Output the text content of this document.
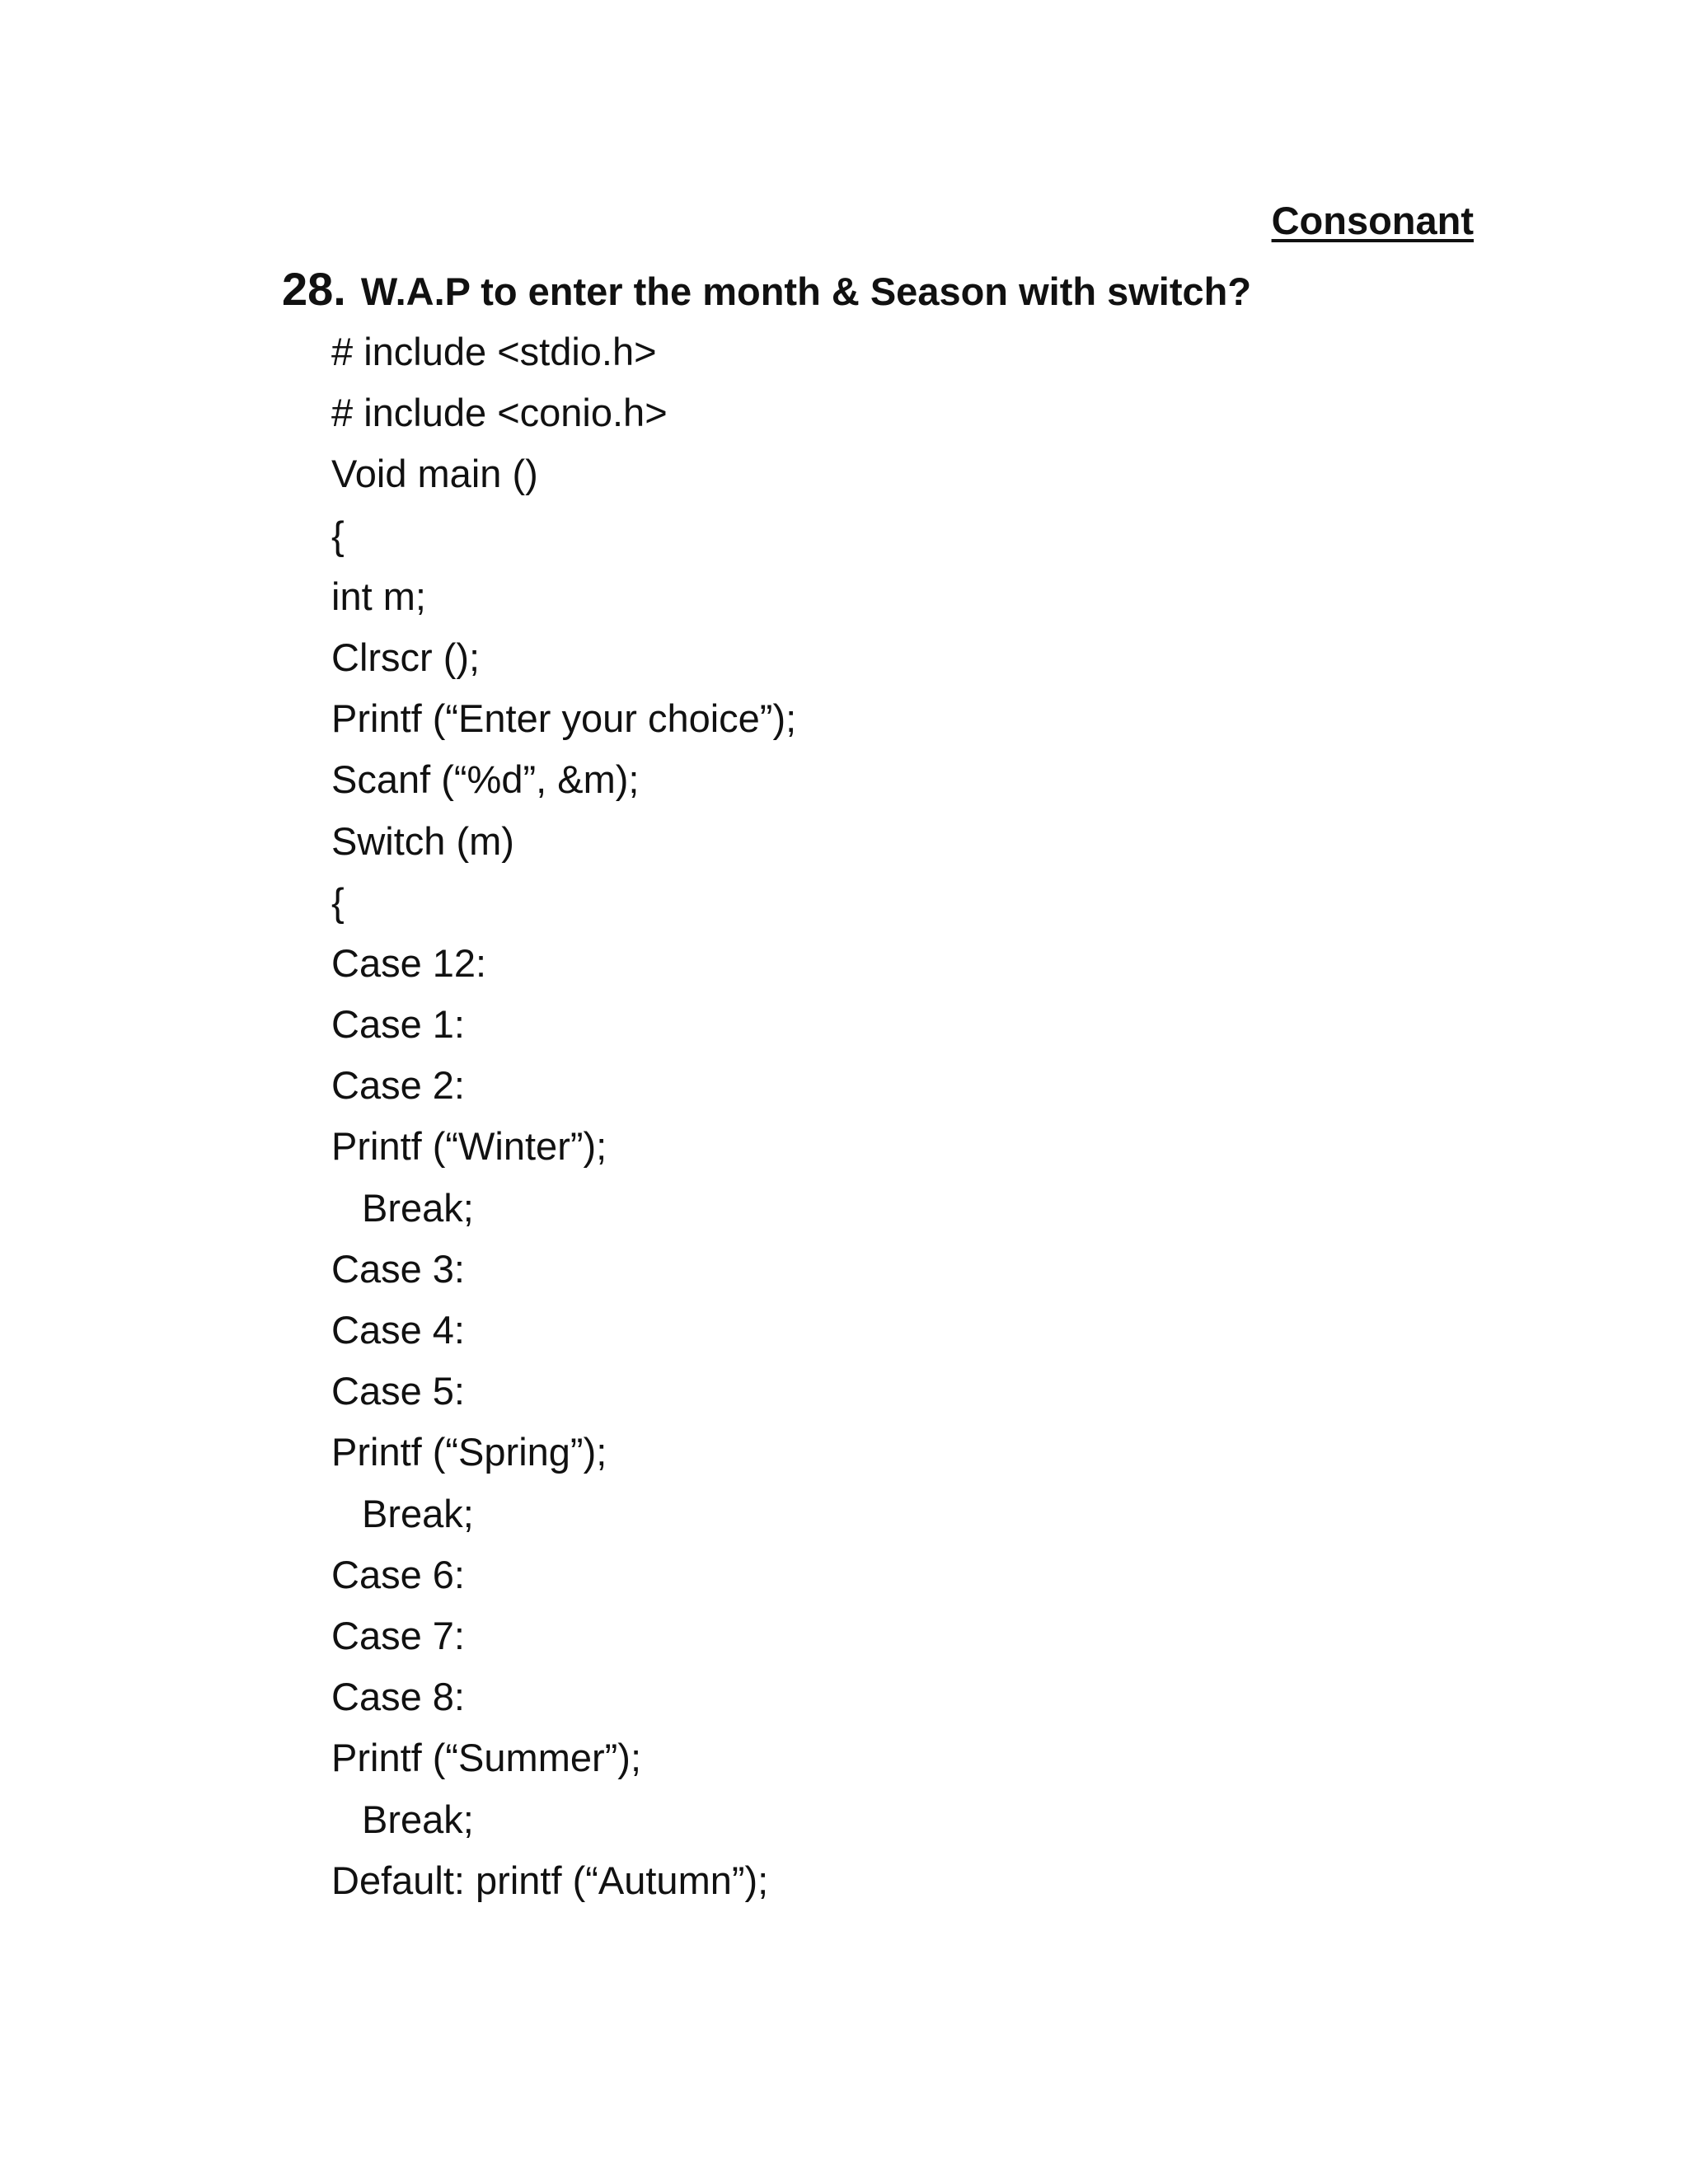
Consonant
28. W.A.P to enter the month & Season with switch?
# include <stdio.h>
# include <conio.h>
Void main ()
{
int m;
Clrscr ();
Printf (“Enter your choice”);
Scanf (“%d”, &m);
Switch (m)
{
Case 12:
Case 1:
Case 2:
Printf (“Winter”);
Break;
Case 3:
Case 4:
Case 5:
Printf (“Spring”);
Break;
Case 6:
Case 7:
Case 8:
Printf (“Summer”);
Break;
Default: printf (“Autumn”);
